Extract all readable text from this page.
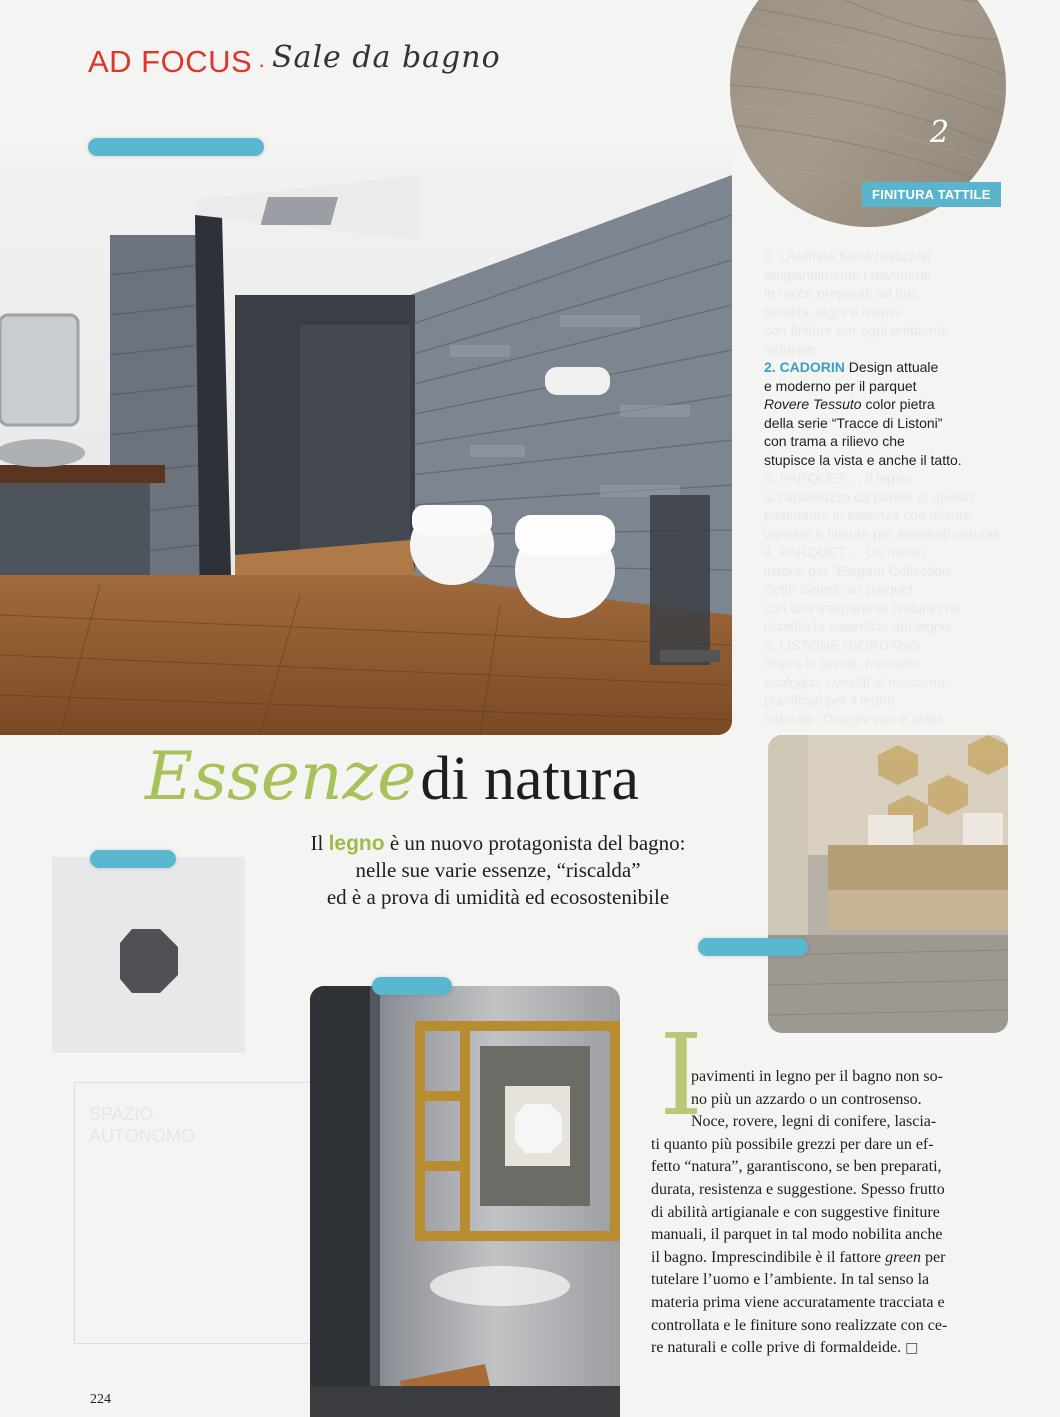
AD FOCUS · Sale da bagno
2
FINITURA TATTILE
1. LAMINIA Sono realizzati
artigianalmente i pavimenti
in rocce preparati ad hoc,
tonalità, legni e marmi
con finiture per ogni ambiente naturale.
2. CADORIN Design attuale
e moderno per il parquet
Rovere Tessuto color pietra
della serie “Tracce di Listoni”
con trama a rilievo che
stupisce la vista e anche il tatto.
3. PARQUET ... Il legno
si caratterizza da parete di questo
pavimento in essenza con misure
variabili e finiture per ambienti naturali.
4. PARQUET ... Un nuovo
listone per “Elegant Collection”
Setin Select, un parquet
con una trasparente finitura che
rispetta la superficie del legno.
5. LISTONE GIORDANO
Sopra le tavole, massello
ecologici, rivestiti al massimo,
pianificati per il legno
naturale. Disegni vari e sottili.
Essenze di natura
Il legno è un nuovo protagonista del bagno:
nelle sue varie essenze, “riscalda”
ed è a prova di umidità ed ecosostenibile
SPAZIO AUTONOMO	I

pavimenti in legno per il bagno non so-

no più un azzardo o un controsenso.

Noce, rovere, legni di conifere, lascia-

ti quanto più possibile grezzi per dare un ef-

fetto “natura”, garantiscono, se ben preparati,

durata, resistenza e suggestione. Spesso frutto

di abilità artigianale e con suggestive finiture

manuali, il parquet in tal modo nobilita anche

il bagno. Imprescindibile è il fattore green per

tutelare l’uomo e l’ambiente. In tal senso la

materia prima viene accuratamente tracciata e

controllata e le finiture sono realizzate con ce-

re naturali e colle prive di formaldeide. □

224
